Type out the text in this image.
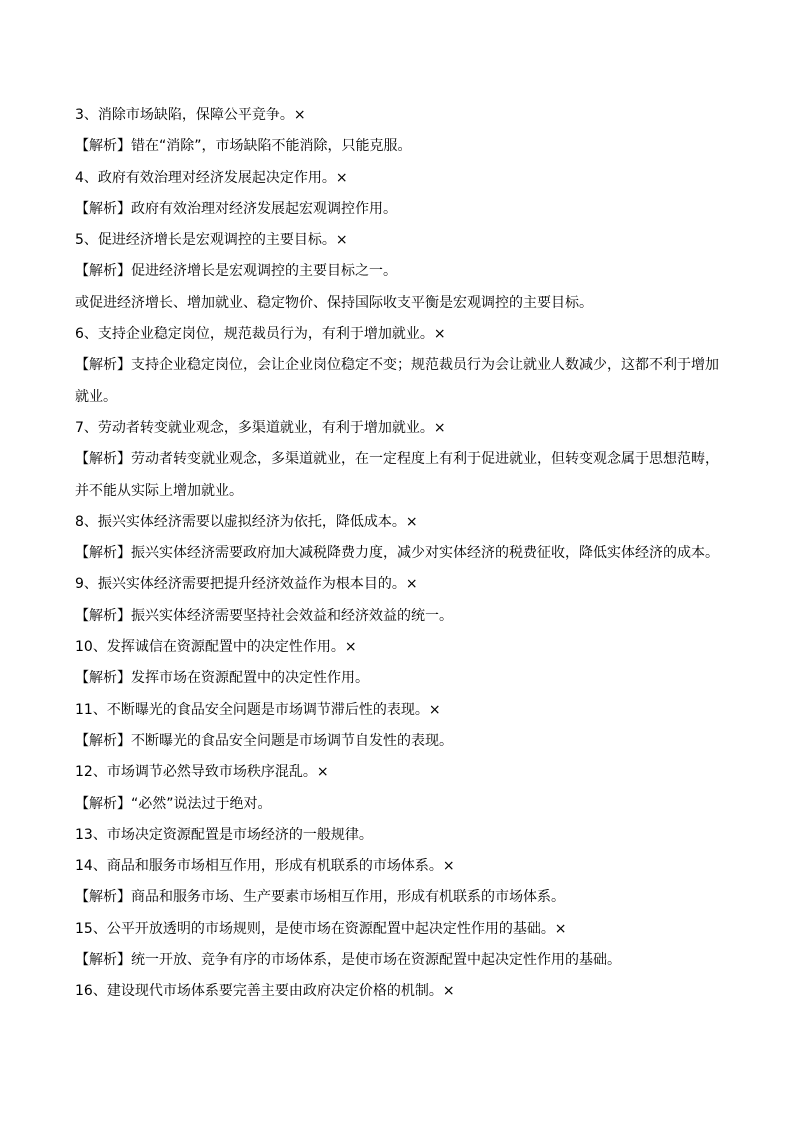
3、消除市场缺陷，保障公平竞争。×
【解析】错在“消除”，市场缺陷不能消除，只能克服。
4、政府有效治理对经济发展起决定作用。×
【解析】政府有效治理对经济发展起宏观调控作用。
5、促进经济增长是宏观调控的主要目标。×
【解析】促进经济增长是宏观调控的主要目标之一。
或促进经济增长、增加就业、稳定物价、保持国际收支平衡是宏观调控的主要目标。
6、支持企业稳定岗位，规范裁员行为，有利于增加就业。×
【解析】支持企业稳定岗位，会让企业岗位稳定不变；规范裁员行为会让就业人数减少，这都不利于增加
就业。
7、劳动者转变就业观念，多渠道就业，有利于增加就业。×
【解析】劳动者转变就业观念，多渠道就业，在一定程度上有利于促进就业，但转变观念属于思想范畴，
并不能从实际上增加就业。
8、振兴实体经济需要以虚拟经济为依托，降低成本。×
【解析】振兴实体经济需要政府加大减税降费力度，减少对实体经济的税费征收，降低实体经济的成本。
9、振兴实体经济需要把提升经济效益作为根本目的。×
【解析】振兴实体经济需要坚持社会效益和经济效益的统一。
10、发挥诚信在资源配置中的决定性作用。×
【解析】发挥市场在资源配置中的决定性作用。
11、不断曝光的食品安全问题是市场调节滞后性的表现。×
【解析】不断曝光的食品安全问题是市场调节自发性的表现。
12、市场调节必然导致市场秩序混乱。×
【解析】“必然”说法过于绝对。
13、市场决定资源配置是市场经济的一般规律。
14、商品和服务市场相互作用，形成有机联系的市场体系。×
【解析】商品和服务市场、生产要素市场相互作用，形成有机联系的市场体系。
15、公平开放透明的市场规则，是使市场在资源配置中起决定性作用的基础。×
【解析】统一开放、竞争有序的市场体系，是使市场在资源配置中起决定性作用的基础。
16、建设现代市场体系要完善主要由政府决定价格的机制。×
